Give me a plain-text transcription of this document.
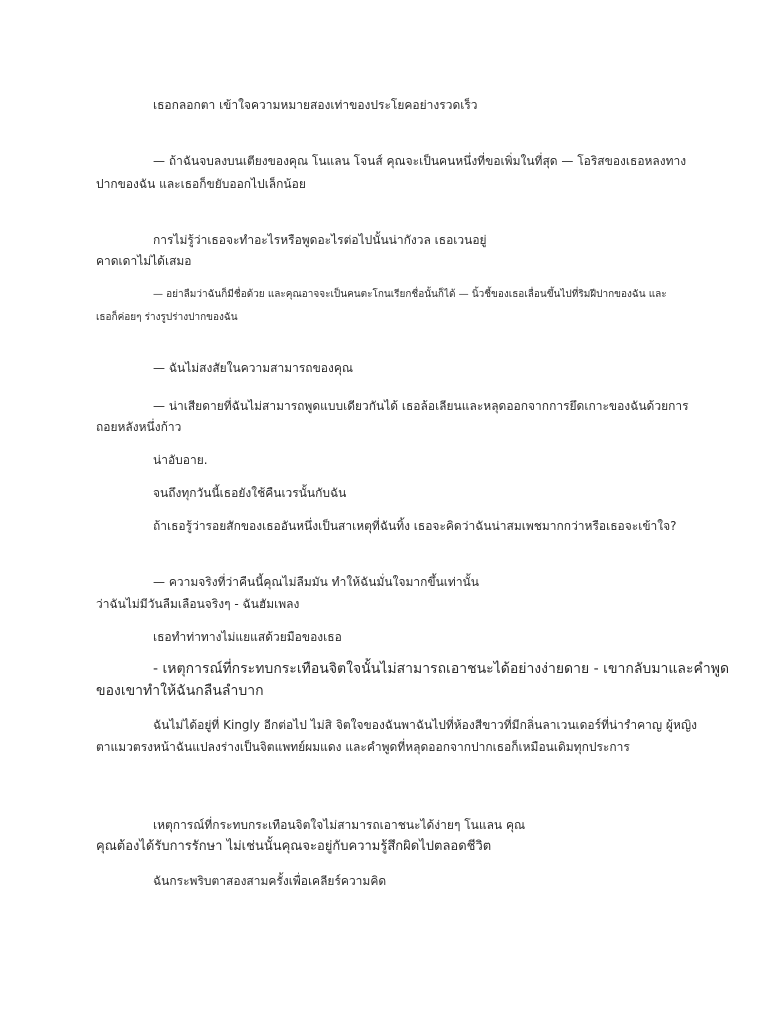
เธอกลอกตา เข้าใจความหมายสองเท่าของประโยคอย่างรวดเร็ว
— ถ้าฉันจบลงบนเตียงของคุณ โนแลน โจนส์ คุณจะเป็นคนหนึ่งที่ขอเพิ่มในที่สุด — โอริสของเธอหลงทาง
ปากของฉัน และเธอก็ขยับออกไปเล็กน้อย
การไม่รู้ว่าเธอจะทำอะไรหรือพูดอะไรต่อไปนั้นน่ากังวล เธอเวนอยู่
คาดเดาไม่ได้เสมอ
— อย่าลืมว่าฉันก็มีชื่อด้วย และคุณอาจจะเป็นคนตะโกนเรียกชื่อนั้นก็ได้ — นิ้วชี้ของเธอเลื่อนขึ้นไปที่ริมฝีปากของฉัน และ
เธอก็ค่อยๆ ร่างรูปร่างปากของฉัน
— ฉันไม่สงสัยในความสามารถของคุณ
— น่าเสียดายที่ฉันไม่สามารถพูดแบบเดียวกันได้ เธอล้อเลียนและหลุดออกจากการยึดเกาะของฉันด้วยการ
ถอยหลังหนึ่งก้าว
น่าอับอาย.
จนถึงทุกวันนี้เธอยังใช้คืนเวรนั้นกับฉัน
ถ้าเธอรู้ว่ารอยสักของเธออันหนึ่งเป็นสาเหตุที่ฉันทิ้ง เธอจะคิดว่าฉันน่าสมเพชมากกว่าหรือเธอจะเข้าใจ?
— ความจริงที่ว่าคืนนี้คุณไม่ลืมมัน ทำให้ฉันมั่นใจมากขึ้นเท่านั้น
ว่าฉันไม่มีวันลืมเลือนจริงๆ - ฉันฮัมเพลง
เธอทำท่าทางไม่แยแสด้วยมือของเธอ
- เหตุการณ์ที่กระทบกระเทือนจิตใจนั้นไม่สามารถเอาชนะได้อย่างง่ายดาย - เขากลับมาและคำพูด
ของเขาทำให้ฉันกลืนลำบาก
ฉันไม่ได้อยู่ที่ Kingly อีกต่อไป ไม่สิ จิตใจของฉันพาฉันไปที่ห้องสีขาวที่มีกลิ่นลาเวนเดอร์ที่น่ารำคาญ ผู้หญิง
ตาแมวตรงหน้าฉันแปลงร่างเป็นจิตแพทย์ผมแดง และคำพูดที่หลุดออกจากปากเธอก็เหมือนเดิมทุกประการ
เหตุการณ์ที่กระทบกระเทือนจิตใจไม่สามารถเอาชนะได้ง่ายๆ โนแลน คุณ
คุณต้องได้รับการรักษา ไม่เช่นนั้นคุณจะอยู่กับความรู้สึกผิดไปตลอดชีวิต
ฉันกระพริบตาสองสามครั้งเพื่อเคลียร์ความคิด
